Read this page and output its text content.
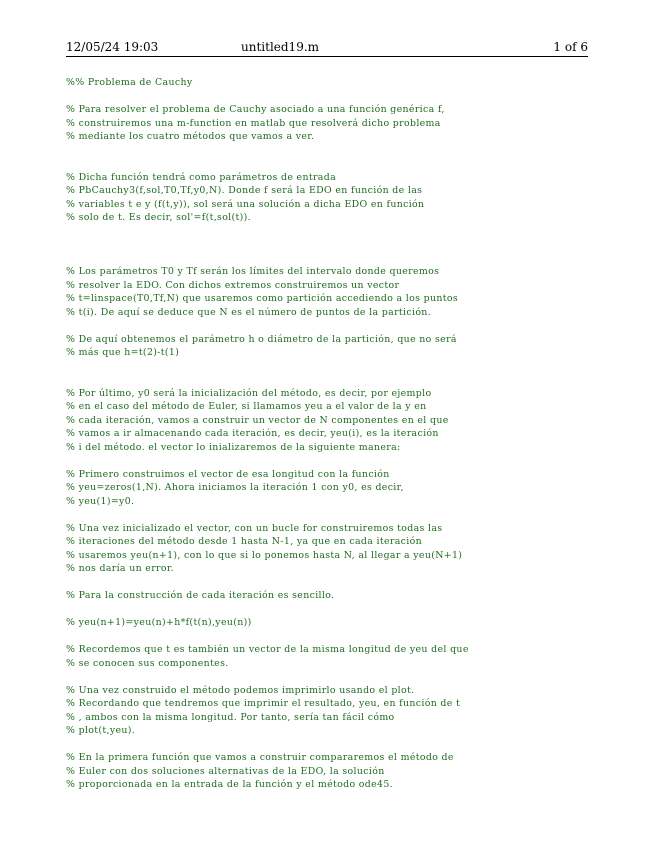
12/05/24 19:03	untitled19.m	1 of 6
%% Problema de Cauchy
% Para resolver el problema de Cauchy asociado a una función genérica f,
% construiremos una m-function en matlab que resolverá dicho problema
% mediante los cuatro métodos que vamos a ver.
% Dicha función tendrá como parámetros de entrada
% PbCauchy3(f,sol,T0,Tf,y0,N). Donde f será la EDO en función de las
% variables t e y (f(t,y)), sol será una solución a dicha EDO en función
% solo de t. Es decir, sol'=f(t,sol(t)).
% Los parámetros T0 y Tf serán los límites del intervalo donde queremos
% resolver la EDO. Con dichos extremos construiremos un vector
% t=linspace(T0,Tf,N) que usaremos como partición accediendo a los puntos
% t(i). De aquí se deduce que N es el número de puntos de la partición.
% De aquí obtenemos el parámetro h o diámetro de la partición, que no será
% más que h=t(2)-t(1)
% Por último, y0 será la inicialización del método, es decir, por ejemplo
% en el caso del método de Euler, si llamamos yeu a el valor de la y en
% cada iteración, vamos a construir un vector de N componentes en el que
% vamos a ir almacenando cada iteración, es decir, yeu(i), es la iteración
% i del método. el vector lo inializaremos de la siguiente manera:
% Primero construimos el vector de esa longitud con la función
% yeu=zeros(1,N). Ahora iniciamos la iteración 1 con y0, es decir,
% yeu(1)=y0.
% Una vez inicializado el vector, con un bucle for construiremos todas las
% iteraciones del método desde 1 hasta N-1, ya que en cada iteración
% usaremos yeu(n+1), con lo que si lo ponemos hasta N, al llegar a yeu(N+1)
% nos daría un error.
% Para la construcción de cada iteración es sencillo.
% yeu(n+1)=yeu(n)+h*f(t(n),yeu(n))
% Recordemos que t es también un vector de la misma longitud de yeu del que
% se conocen sus componentes.
% Una vez construido el método podemos imprimirlo usando el plot.
% Recordando que tendremos que imprimir el resultado, yeu, en función de t
% , ambos con la misma longitud. Por tanto, sería tan fácil cómo
% plot(t,yeu).
% En la primera función que vamos a construir compararemos el método de
% Euler con dos soluciones alternativas de la EDO, la solución
% proporcionada en la entrada de la función y el método ode45.
